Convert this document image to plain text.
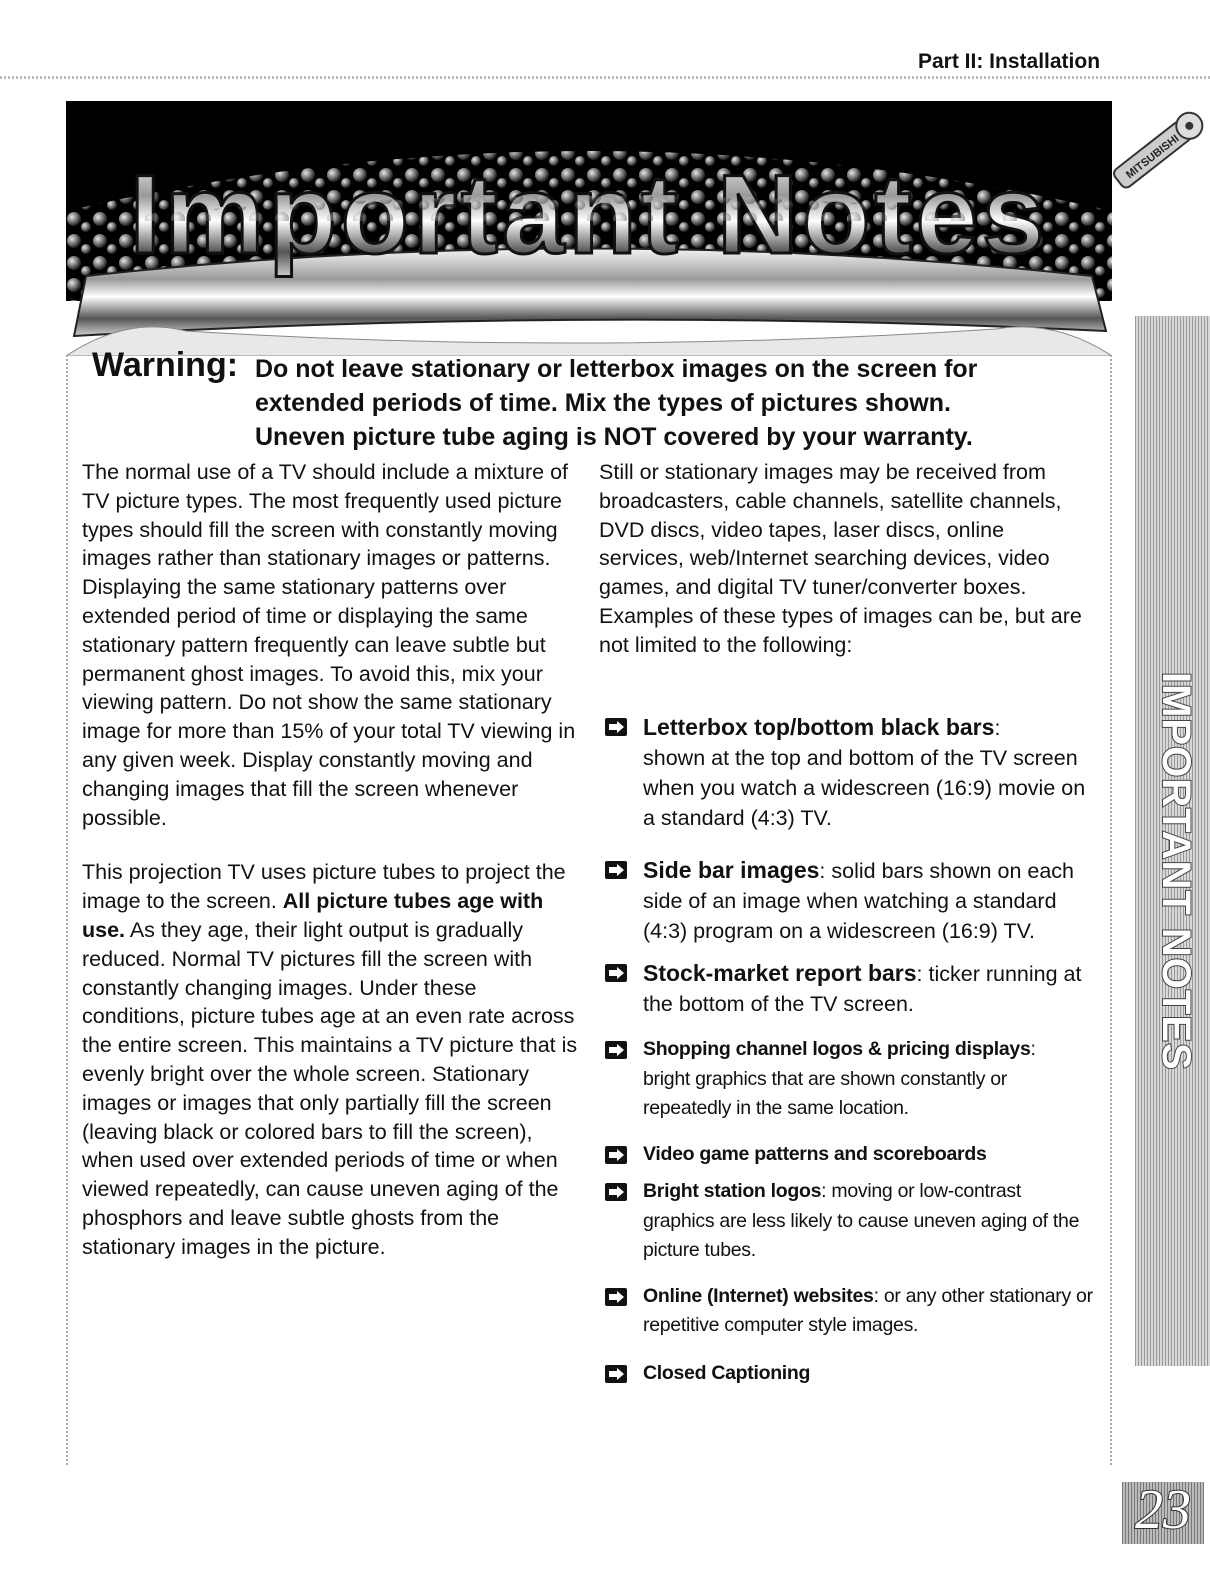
Part II: Installation
Important Notes	MITSUBISHI
Warning: Do not leave stationary or letterbox images on the screen for
extended periods of time. Mix the types of pictures shown.
Uneven picture tube aging is NOT covered by your warranty.

The normal use of a TV should include a mixture of TV picture types. The most frequently used picture types should fill the screen with constantly moving images rather than stationary images or patterns. Displaying the same stationary patterns over extended period of time or displaying the same stationary pattern frequently can leave subtle but permanent ghost images. To avoid this, mix your viewing pattern. Do not show the same stationary image for more than 15% of your total TV viewing in any given week. Display constantly moving and changing images that fill the screen whenever possible.

This projection TV uses picture tubes to project the image to the screen. All picture tubes age with use. As they age, their light output is gradually reduced. Normal TV pictures fill the screen with constantly changing images. Under these conditions, picture tubes age at an even rate across the entire screen. This maintains a TV picture that is evenly bright over the whole screen. Stationary images or images that only partially fill the screen (leaving black or colored bars to fill the screen), when used over extended periods of time or when viewed repeatedly, can cause uneven aging of the phosphors and leave subtle ghosts from the stationary images in the picture.

Still or stationary images may be received from broadcasters, cable channels, satellite channels, DVD discs, video tapes, laser discs, online services, web/Internet searching devices, video games, and digital TV tuner/converter boxes. Examples of these types of images can be, but are not limited to the following:

Letterbox top/bottom black bars:
shown at the top and bottom of the TV screen when you watch a widescreen (16:9) movie on a standard (4:3) TV.
Side bar images: solid bars shown on each side of an image when watching a standard (4:3) program on a widescreen (16:9) TV.
Stock-market report bars: ticker running at the bottom of the TV screen.
Shopping channel logos & pricing displays:
bright graphics that are shown constantly or repeatedly in the same location.
Video game patterns and scoreboards
Bright station logos: moving or low-contrast graphics are less likely to cause uneven aging of the picture tubes.
Online (Internet) websites: or any other stationary or repetitive computer style images.
Closed Captioning
IMPORTANT NOTES
23
